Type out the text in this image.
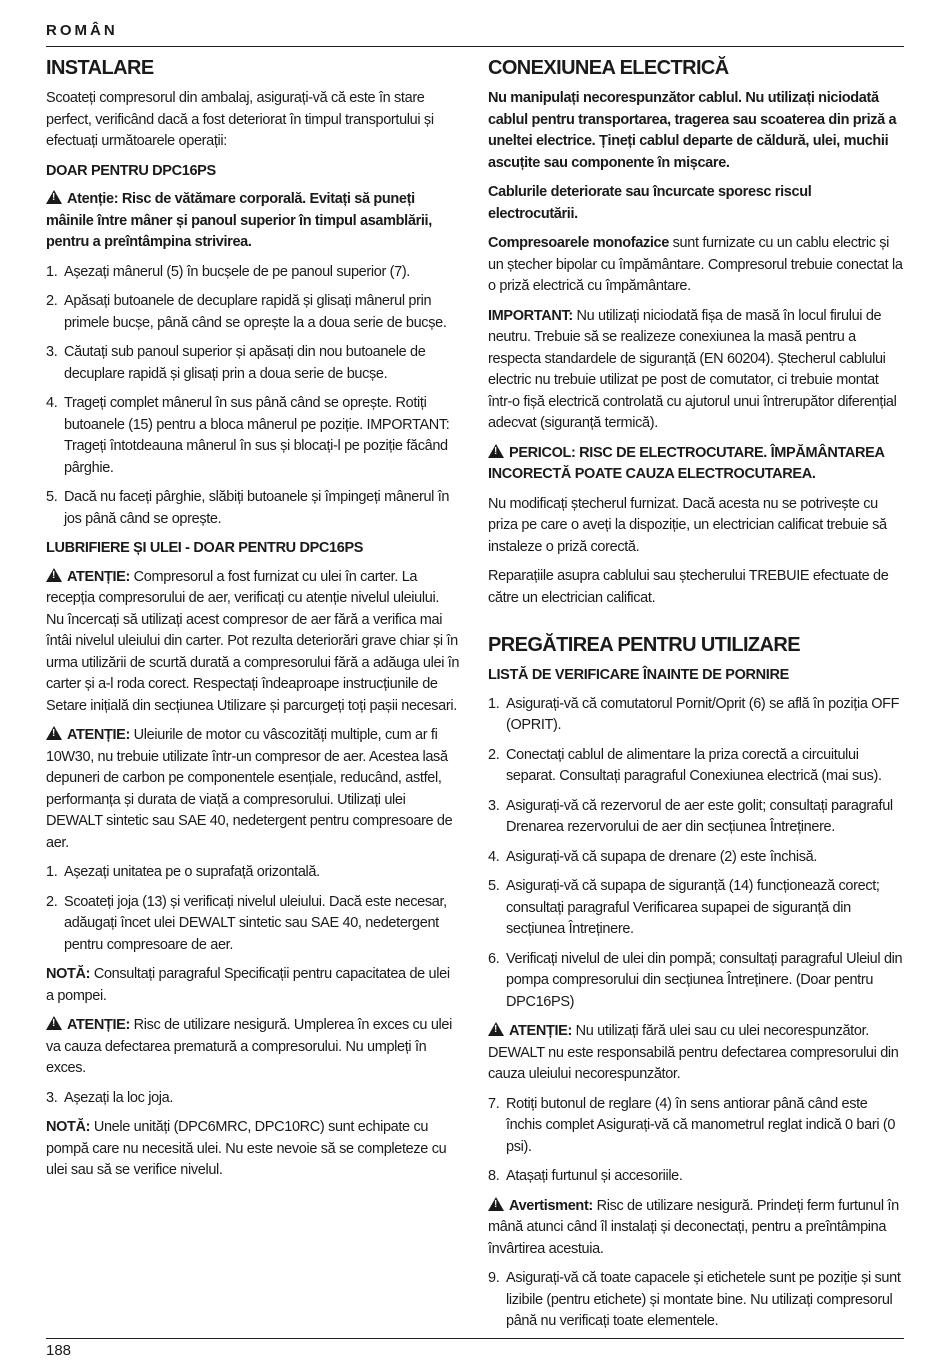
ROMÂN
INSTALARE

Scoateți compresorul din ambalaj, asigurați-vă că este în stare perfect, verificând dacă a fost deteriorat în timpul transportului și efectuați următoarele operații:

DOAR PENTRU DPC16PS

!Atenție: Risc de vătămare corporală. Evitați să puneți mâinile între mâner și panoul superior în timpul asamblării, pentru a preîntâmpina strivirea.

1. Așezați mânerul (5) în bucșele de pe panoul superior (7).
2. Apăsați butoanele de decuplare rapidă și glisați mânerul prin primele bucșe, până când se oprește la a doua serie de bucșe.
3. Căutați sub panoul superior și apăsați din nou butoanele de decuplare rapidă și glisați prin a doua serie de bucșe.
4. Trageți complet mânerul în sus până când se oprește. Rotiți butoanele (15) pentru a bloca mânerul pe poziție. IMPORTANT: Trageți întotdeauna mânerul în sus și blocați-l pe poziție făcând pârghie.
5. Dacă nu faceți pârghie, slăbiți butoanele și împingeți mânerul în jos până când se oprește.

LUBRIFIERE ȘI ULEI - DOAR PENTRU DPC16PS

!ATENȚIE: Compresorul a fost furnizat cu ulei în carter. La recepția compresorului de aer, verificați cu atenție nivelul uleiului. Nu încercați să utilizați acest compresor de aer fără a verifica mai întâi nivelul uleiului din carter. Pot rezulta deteriorări grave chiar și în urma utilizării de scurtă durată a compresorului fără a adăuga ulei în carter și a-l roda corect. Respectați îndeaproape instrucțiunile de Setare inițială din secțiunea Utilizare și parcurgeți toți pașii necesari.

!ATENȚIE: Uleiurile de motor cu vâscozități multiple, cum ar fi 10W30, nu trebuie utilizate într-un compresor de aer. Acestea lasă depuneri de carbon pe componentele esențiale, reducând, astfel, performanța și durata de viață a compresorului. Utilizați ulei DEWALT sintetic sau SAE 40, nedetergent pentru compresoare de aer.

1. Așezați unitatea pe o suprafață orizontală.
2. Scoateți joja (13) și verificați nivelul uleiului. Dacă este necesar, adăugați încet ulei DEWALT sintetic sau SAE 40, nedetergent pentru compresoare de aer.

NOTĂ: Consultați paragraful Specificații pentru capacitatea de ulei a pompei.

!ATENȚIE: Risc de utilizare nesigură. Umplerea în exces cu ulei va cauza defectarea prematură a compresorului. Nu umpleți în exces.

3. Așezați la loc joja.

NOTĂ: Unele unități (DPC6MRC, DPC10RC) sunt echipate cu pompă care nu necesită ulei. Nu este nevoie să se completeze cu ulei sau să se verifice nivelul.

CONEXIUNEA ELECTRICĂ

Nu manipulați necorespunzător cablul. Nu utilizați niciodată cablul pentru transportarea, tragerea sau scoaterea din priză a uneltei electrice. Țineți cablul departe de căldură, ulei, muchii ascuțite sau componente în mișcare.

Cablurile deteriorate sau încurcate sporesc riscul electrocutării.

Compresoarele monofazice sunt furnizate cu un cablu electric și un ștecher bipolar cu împământare. Compresorul trebuie conectat la o priză electrică cu împământare.

IMPORTANT: Nu utilizați niciodată fișa de masă în locul firului de neutru. Trebuie să se realizeze conexiunea la masă pentru a respecta standardele de siguranță (EN 60204). Ștecherul cablului electric nu trebuie utilizat pe post de comutator, ci trebuie montat într-o fișă electrică controlată cu ajutorul unui întrerupător diferențial adecvat (siguranță termică).

!PERICOL: RISC DE ELECTROCUTARE. ÎMPĂMÂNTAREA INCORECTĂ POATE CAUZA ELECTROCUTAREA.

Nu modificați ștecherul furnizat. Dacă acesta nu se potrivește cu priza pe care o aveți la dispoziție, un electrician calificat trebuie să instaleze o priză corectă.

Reparațiile asupra cablului sau ștecherului TREBUIE efectuate de către un electrician calificat.

PREGĂTIREA PENTRU UTILIZARE

LISTĂ DE VERIFICARE ÎNAINTE DE PORNIRE

1. Asigurați-vă că comutatorul Pornit/Oprit (6) se află în poziția OFF (OPRIT).
2. Conectați cablul de alimentare la priza corectă a circuitului separat. Consultați paragraful Conexiunea electrică (mai sus).
3. Asigurați-vă că rezervorul de aer este golit; consultați paragraful Drenarea rezervorului de aer din secțiunea Întreținere.
4. Asigurați-vă că supapa de drenare (2) este închisă.
5. Asigurați-vă că supapa de siguranță (14) funcționează corect; consultați paragraful Verificarea supapei de siguranță din secțiunea Întreținere.
6. Verificați nivelul de ulei din pompă; consultați paragraful Uleiul din pompa compresorului din secțiunea Întreținere. (Doar pentru DPC16PS)

!ATENȚIE: Nu utilizați fără ulei sau cu ulei necorespunzător. DEWALT nu este responsabilă pentru defectarea compresorului din cauza uleiului necorespunzător.

7. Rotiți butonul de reglare (4) în sens antiorar până când este închis complet Asigurați-vă că manometrul reglat indică 0 bari (0 psi).
8. Atașați furtunul și accesoriile.

!Avertisment: Risc de utilizare nesigură. Prindeți ferm furtunul în mână atunci când îl instalați și deconectați, pentru a preîntâmpina învârtirea acestuia.

9. Asigurați-vă că toate capacele și etichetele sunt pe poziție și sunt lizibile (pentru etichete) și montate bine. Nu utilizați compresorul până nu verificați toate elementele.
188
